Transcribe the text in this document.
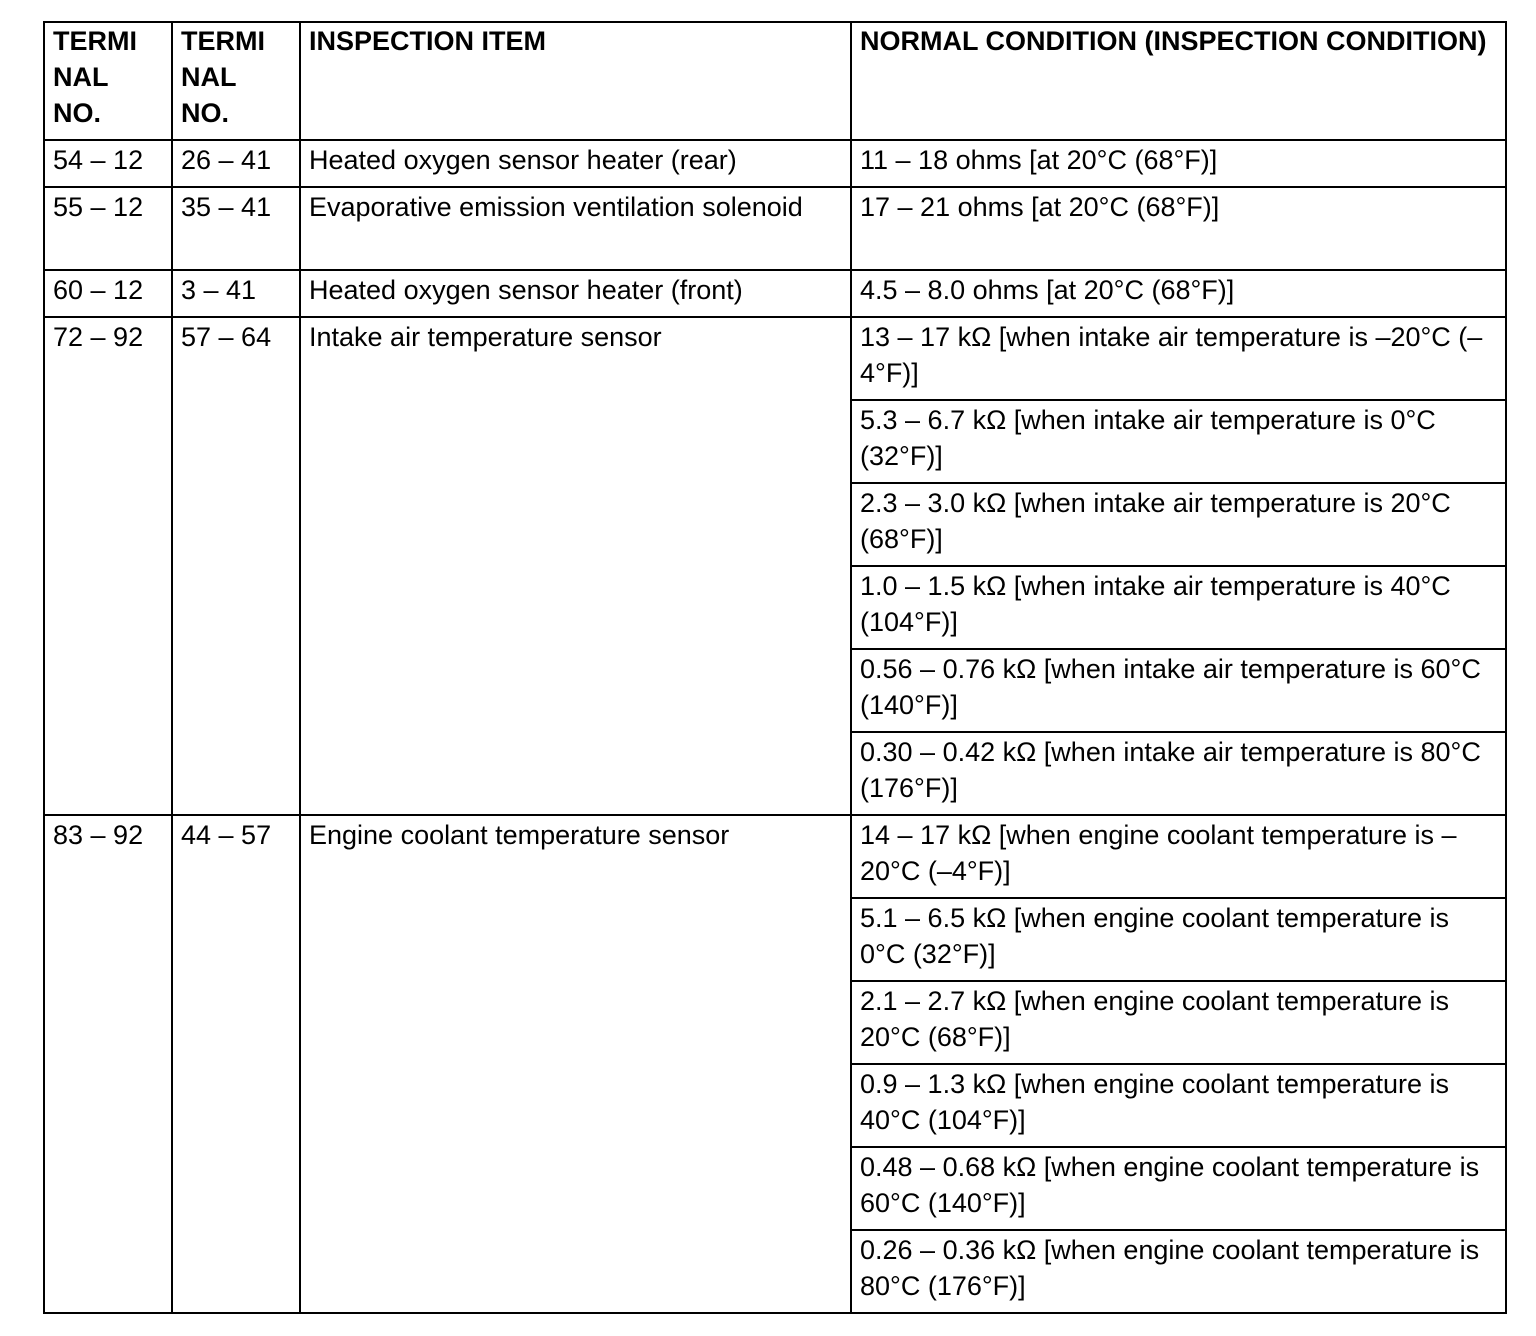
TERMI NAL NO.	TERMI NAL NO.	INSPECTION ITEM	NORMAL CONDITION (INSPECTION CONDITION)
54 – 12	26 – 41	Heated oxygen sensor heater (rear)	11 – 18 ohms [at 20°C (68°F)]
55 – 12	35 – 41	Evaporative emission ventilation solenoid	17 – 21 ohms [at 20°C (68°F)]
60 – 12	3 – 41	Heated oxygen sensor heater (front)	4.5 – 8.0 ohms [at 20°C (68°F)]
72 – 92	57 – 64	Intake air temperature sensor	13 – 17 kΩ [when intake air temperature is –20°C (–4°F)]
			5.3 – 6.7 kΩ [when intake air temperature is 0°C (32°F)]
			2.3 – 3.0 kΩ [when intake air temperature is 20°C (68°F)]
			1.0 – 1.5 kΩ [when intake air temperature is 40°C (104°F)]
			0.56 – 0.76 kΩ [when intake air temperature is 60°C (140°F)]
			0.30 – 0.42 kΩ [when intake air temperature is 80°C (176°F)]
83 – 92	44 – 57	Engine coolant temperature sensor	14 – 17 kΩ [when engine coolant temperature is –20°C (–4°F)]
			5.1 – 6.5 kΩ [when engine coolant temperature is 0°C (32°F)]
			2.1 – 2.7 kΩ [when engine coolant temperature is 20°C (68°F)]
			0.9 – 1.3 kΩ [when engine coolant temperature is 40°C (104°F)]
			0.48 – 0.68 kΩ [when engine coolant temperature is 60°C (140°F)]
			0.26 – 0.36 kΩ [when engine coolant temperature is 80°C (176°F)]
